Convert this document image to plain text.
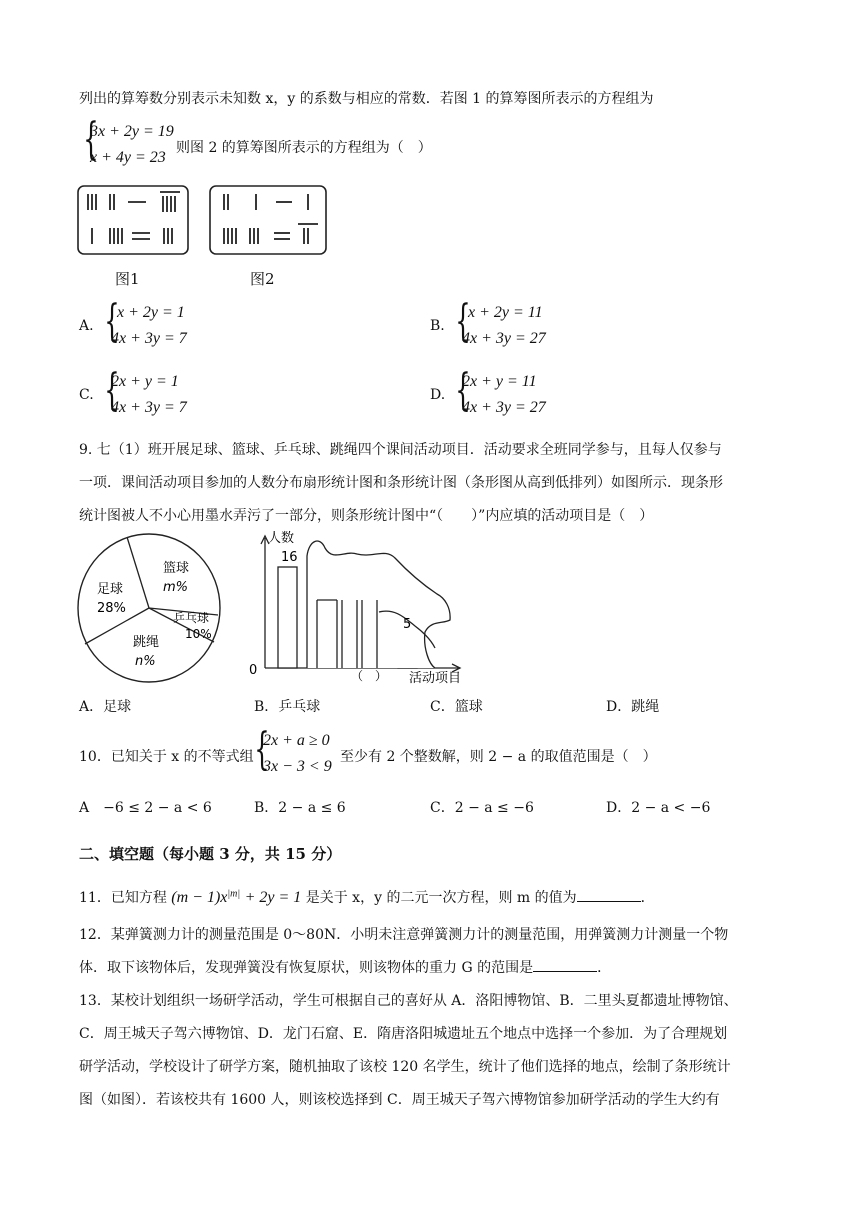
列出的算筹数分别表示未知数 x，y 的系数与相应的常数．若图 1 的算筹图所表示的方程组为
{
3x + 2y = 19
x + 4y = 23
则图 2 的算筹图所表示的方程组为（　）
图1	图2
A. {
x + 2y = 1
4x + 3y = 7
B. {
x + 2y = 11
4x + 3y = 27
C. {
2x + y = 1
4x + 3y = 7
D. {
2x + y = 11
4x + 3y = 27
9. 七（1）班开展足球、篮球、乒乓球、跳绳四个课间活动项目．活动要求全班同学参与，且每人仅参与
一项．课间活动项目参加的人数分布扇形统计图和条形统计图（条形图从高到低排列）如图所示．现条形
统计图被人不小心用墨水弄污了一部分，则条形统计图中“（　　）”内应填的活动项目是（　）
足球
28%
篮球
m%
乒乓球
10%
跳绳
n%
人数
16
5
0	（　） 活动项目
A．足球	B．乒乓球	C．篮球	D．跳绳
10．已知关于 x 的不等式组 {
2x + a ≥ 0
3x − 3 < 9
至少有 2 个整数解，则 2 − a 的取值范围是（　）
A　−6 ≤ 2 − a < 6	B．2 − a ≤ 6	C．2 − a ≤ −6	D．2 − a < −6
二、填空题（每小题 3 分，共 15 分）
11．已知方程 $(m - 1)x^{|m|} + 2y = 1$ 是关于 x，y 的二元一次方程，则 m 的值为	．
12．某弹簧测力计的测量范围是 0～80N．小明未注意弹簧测力计的测量范围，用弹簧测力计测量一个物
体．取下该物体后，发现弹簧没有恢复原状，则该物体的重力 G 的范围是	．
13．某校计划组织一场研学活动，学生可根据自己的喜好从 A．洛阳博物馆、B．二里头夏都遗址博物馆、
C．周王城天子驾六博物馆、D．龙门石窟、E．隋唐洛阳城遗址五个地点中选择一个参加．为了合理规划
研学活动，学校设计了研学方案，随机抽取了该校 120 名学生，统计了他们选择的地点，绘制了条形统计
图（如图）．若该校共有 1600 人，则该校选择到 C．周王城天子驾六博物馆参加研学活动的学生大约有
